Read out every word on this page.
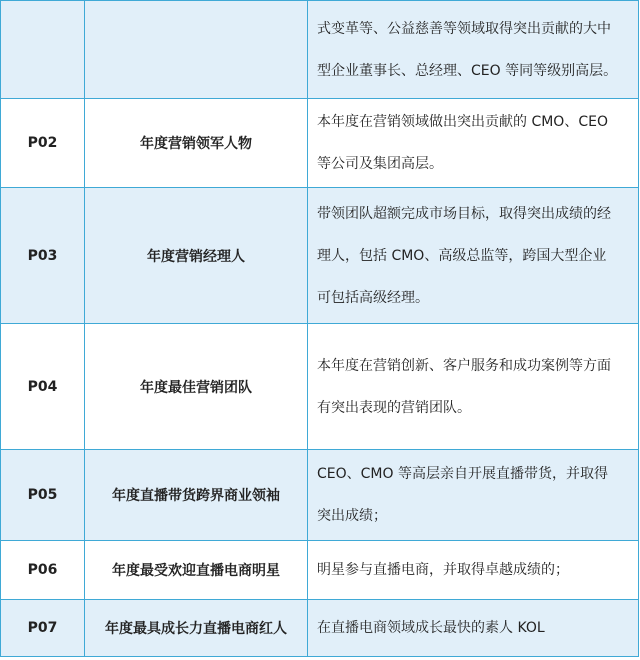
		式变革等、公益慈善等领域取得突出贡献的大中
型企业董事长、总经理、CEO 等同等级别高层。

P02	年度营销领军人物	本年度在营销领域做出突出贡献的 CMO、CEO
等公司及集团高层。

P03	年度营销经理人	带领团队超额完成市场目标，取得突出成绩的经
理人，包括 CMO、高级总监等，跨国大型企业
可包括高级经理。

P04	年度最佳营销团队	本年度在营销创新、客户服务和成功案例等方面
有突出表现的营销团队。

P05	年度直播带货跨界商业领袖	CEO、CMO 等高层亲自开展直播带货，并取得
突出成绩；

P06	年度最受欢迎直播电商明星	明星参与直播电商，并取得卓越成绩的；

P07	年度最具成长力直播电商红人	在直播电商领域成长最快的素人 KOL
